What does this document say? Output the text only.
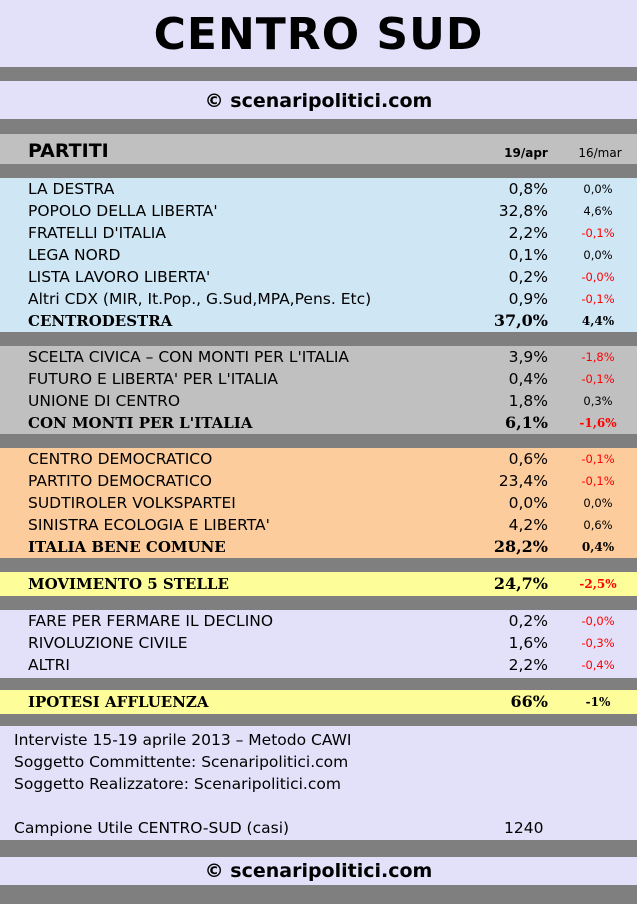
CENTRO SUD
© scenaripolitici.com
PARTITI	19/apr	16/mar
LA DESTRA	0,8%	0,0%
POPOLO DELLA LIBERTA'	32,8%	4,6%
FRATELLI D'ITALIA	2,2%	-0,1%
LEGA NORD	0,1%	0,0%
LISTA LAVORO LIBERTA'	0,2%	-0,0%
Altri CDX (MIR, It.Pop., G.Sud,MPA,Pens. Etc)	0,9%	-0,1%
CENTRODESTRA	37,0%	4,4%
SCELTA CIVICA – CON MONTI PER L'ITALIA	3,9%	-1,8%
FUTURO E LIBERTA' PER L'ITALIA	0,4%	-0,1%
UNIONE DI CENTRO	1,8%	0,3%
CON MONTI PER L'ITALIA	6,1%	-1,6%
CENTRO DEMOCRATICO	0,6%	-0,1%
PARTITO DEMOCRATICO	23,4%	-0,1%
SUDTIROLER VOLKSPARTEI	0,0%	0,0%
SINISTRA ECOLOGIA E LIBERTA'	4,2%	0,6%
ITALIA BENE COMUNE	28,2%	0,4%
MOVIMENTO 5 STELLE	24,7%	-2,5%
FARE PER FERMARE IL DECLINO	0,2%	-0,0%
RIVOLUZIONE CIVILE	1,6%	-0,3%
ALTRI	2,2%	-0,4%
IPOTESI AFFLUENZA	66%	-1%
Interviste 15-19 aprile 2013 – Metodo CAWI
Soggetto Committente: Scenaripolitici.com
Soggetto Realizzatore: Scenaripolitici.com
Campione Utile CENTRO-SUD (casi)	1240
© scenaripolitici.com
